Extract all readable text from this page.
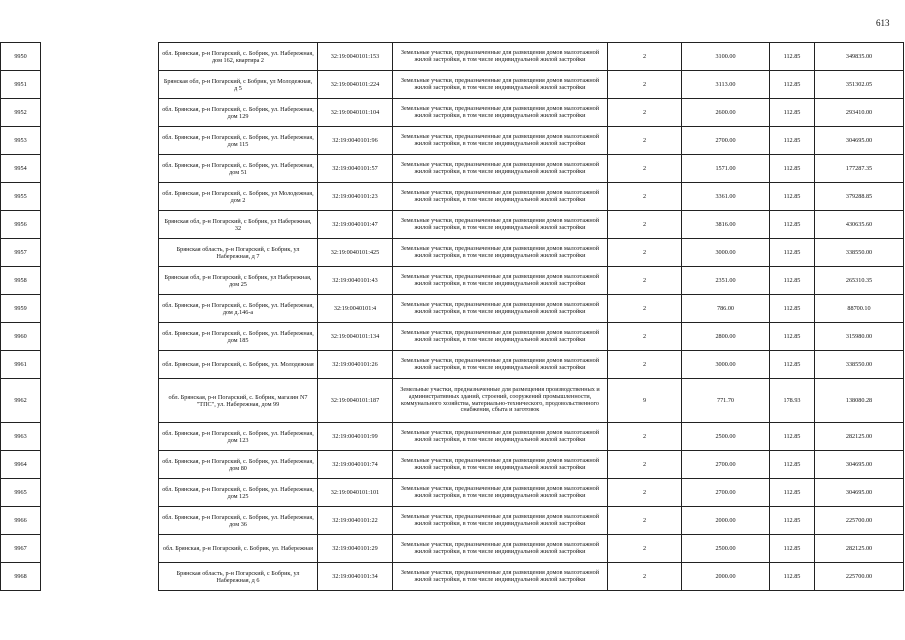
613
9950		обл. Брянская, р-н Погарский, с. Бобрик, ул. Набережная, дом 162, квартира 2	32:19:0040101:153	Земельные участки, предназначенные для размещения домов малоэтажной жилой застройки, в том числе индивидуальной жилой застройки	2	3100.00	112.85	349835.00
9951		Брянская обл, р-н Погарский, с Бобрик, ул Молодежная, д 5	32:19:0040101:224	Земельные участки, предназначенные для размещения домов малоэтажной жилой застройки, в том числе индивидуальной жилой застройки	2	3113.00	112.85	351302.05
9952		обл. Брянская, р-н Погарский, с. Бобрик, ул. Набережная, дом 129	32:19:0040101:104	Земельные участки, предназначенные для размещения домов малоэтажной жилой застройки, в том числе индивидуальной жилой застройки	2	2600.00	112.85	293410.00
9953		обл. Брянская, р-н Погарский, с. Бобрик, ул. Набережная, дом 115	32:19:0040101:96	Земельные участки, предназначенные для размещения домов малоэтажной жилой застройки, в том числе индивидуальной жилой застройки	2	2700.00	112.85	304695.00
9954		обл. Брянская, р-н Погарский, с. Бобрик, ул. Набережная, дом 51	32:19:0040101:57	Земельные участки, предназначенные для размещения домов малоэтажной жилой застройки, в том числе индивидуальной жилой застройки	2	1571.00	112.85	177287.35
9955		обл. Брянская, р-н Погарский, с. Бобрик, ул Молодежная, дом 2	32:19:0040101:23	Земельные участки, предназначенные для размещения домов малоэтажной жилой застройки, в том числе индивидуальной жилой застройки	2	3361.00	112.85	379288.85
9956		Брянская обл, р-н Погарский, с Бобрик, ул Набережная, 32	32:19:0040101:47	Земельные участки, предназначенные для размещения домов малоэтажной жилой застройки, в том числе индивидуальной жилой застройки	2	3816.00	112.85	430635.60
9957		Брянская область, р-н Погарский, с Бобрик, ул Набережная, д 7	32:19:0040101:425	Земельные участки, предназначенные для размещения домов малоэтажной жилой застройки, в том числе индивидуальной жилой застройки	2	3000.00	112.85	338550.00
9958		Брянская обл, р-н Погарский, с Бобрик, ул Набережная, дом 25	32:19:0040101:43	Земельные участки, предназначенные для размещения домов малоэтажной жилой застройки, в том числе индивидуальной жилой застройки	2	2351.00	112.85	265310.35
9959		обл. Брянская, р-н Погарский, с. Бобрик, ул. Набережная, дом д.146-а	32:19:0040101:4	Земельные участки, предназначенные для размещения домов малоэтажной жилой застройки, в том числе индивидуальной жилой застройки	2	786.00	112.85	88700.10
9960		обл. Брянская, р-н Погарский, с. Бобрик, ул. Набережная, дом 185	32:19:0040101:134	Земельные участки, предназначенные для размещения домов малоэтажной жилой застройки, в том числе индивидуальной жилой застройки	2	2800.00	112.85	315980.00
9961		обл. Брянская, р-н Погарский, с. Бобрик, ул. Молодежная	32:19:0040101:26	Земельные участки, предназначенные для размещения домов малоэтажной жилой застройки, в том числе индивидуальной жилой застройки	2	3000.00	112.85	338550.00
9962		обл. Брянская, р-н Погарский, с. Бобрик, магазин N7 "ТПС", ул. Набережная, дом 99	32:19:0040101:187	Земельные участки, предназначенные для размещения производственных и административных зданий, строений, сооружений промышленности, коммунального хозяйства, материально-технического, продовольственного снабжения, сбыта и заготовок	9	771.70	178.93	138080.28
9963		обл. Брянская, р-н Погарский, с. Бобрик, ул. Набережная, дом 123	32:19:0040101:99	Земельные участки, предназначенные для размещения домов малоэтажной жилой застройки, в том числе индивидуальной жилой застройки	2	2500.00	112.85	282125.00
9964		обл. Брянская, р-н Погарский, с. Бобрик, ул. Набережная, дом 80	32:19:0040101:74	Земельные участки, предназначенные для размещения домов малоэтажной жилой застройки, в том числе индивидуальной жилой застройки	2	2700.00	112.85	304695.00
9965		обл. Брянская, р-н Погарский, с. Бобрик, ул. Набережная, дом 125	32:19:0040101:101	Земельные участки, предназначенные для размещения домов малоэтажной жилой застройки, в том числе индивидуальной жилой застройки	2	2700.00	112.85	304695.00
9966		обл. Брянская, р-н Погарский, с. Бобрик, ул. Набережная, дом 36	32:19:0040101:22	Земельные участки, предназначенные для размещения домов малоэтажной жилой застройки, в том числе индивидуальной жилой застройки	2	2000.00	112.85	225700.00
9967		обл. Брянская, р-н Погарский, с. Бобрик, ул. Набережная	32:19:0040101:29	Земельные участки, предназначенные для размещения домов малоэтажной жилой застройки, в том числе индивидуальной жилой застройки	2	2500.00	112.85	282125.00
9968		Брянская область, р-н Погарский, с Бобрик, ул Набережная, д 6	32:19:0040101:34	Земельные участки, предназначенные для размещения домов малоэтажной жилой застройки, в том числе индивидуальной жилой застройки	2	2000.00	112.85	225700.00
